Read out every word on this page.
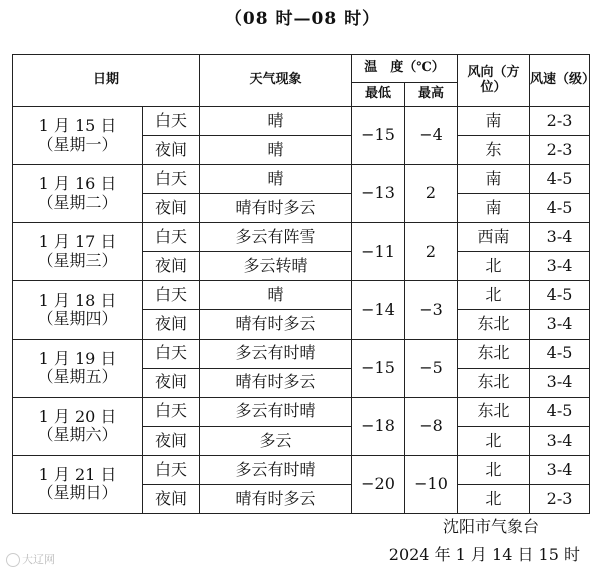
（08 时—08 时）
日期		天气现象	温　度（℃）		风向（方位）	风速（级）
			最低	最高		
1 月 15 日
（星期一）	白天	晴	−15	−4	南	2-3
	夜间	晴			东	2-3
1 月 16 日
（星期二）	白天	晴	−13	2	南	4-5
	夜间	晴有时多云			南	4-5
1 月 17 日
（星期三）	白天	多云有阵雪	−11	2	西南	3-4
	夜间	多云转晴			北	3-4
1 月 18 日
（星期四）	白天	晴	−14	−3	北	4-5
	夜间	晴有时多云			东北	3-4
1 月 19 日
（星期五）	白天	多云有时晴	−15	−5	东北	4-5
	夜间	晴有时多云			东北	3-4
1 月 20 日
（星期六）	白天	多云有时晴	−18	−8	东北	4-5
	夜间	多云			北	3-4
1 月 21 日
（星期日）	白天	多云有时晴	−20	−10	北	3-4
	夜间	晴有时多云			北	2-3
沈阳市气象台
2024 年 1 月 14 日 15 时
大辽网
